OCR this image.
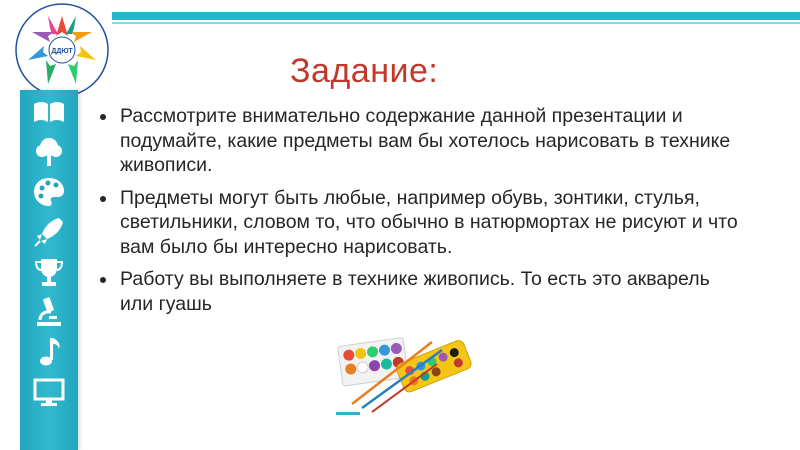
ДДЮТ
Задание:
• Рассмотрите внимательно содержание данной презентации и подумайте, какие предметы вам бы хотелось нарисовать в технике живописи.
• Предметы могут быть любые, например обувь, зонтики, стулья, светильники, словом то, что обычно в натюрмортах не рисуют и что вам было бы интересно нарисовать.
• Работу вы выполняете в технике живопись. То есть это акварель или гуашь
